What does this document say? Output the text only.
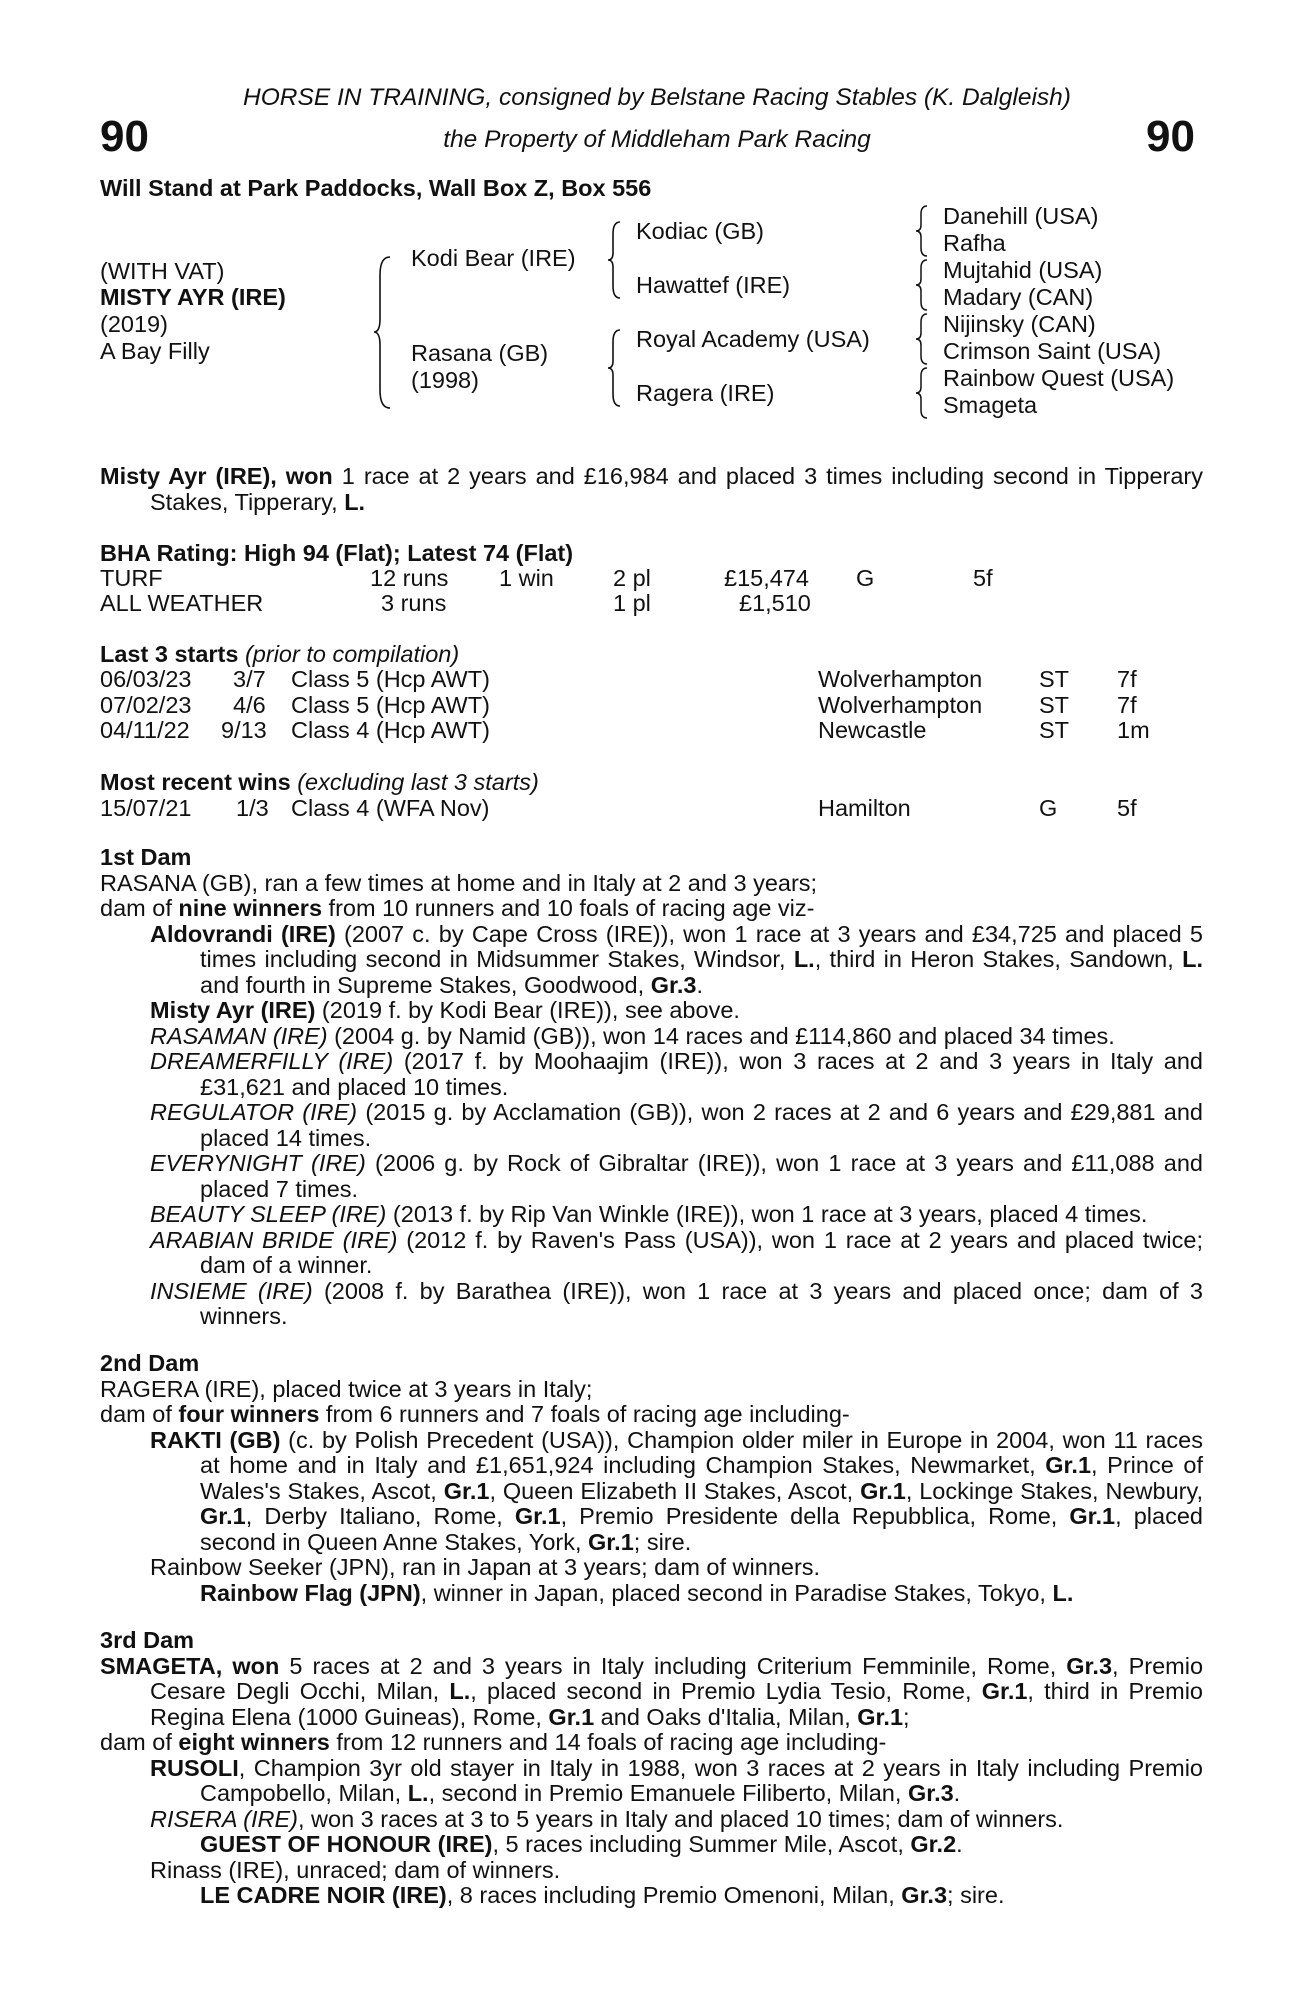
90	90
HORSE IN TRAINING, consigned by Belstane Racing Stables (K. Dalgleish)
the Property of Middleham Park Racing
Will Stand at Park Paddocks, Wall Box Z, Box 556
(WITH VAT)
MISTY AYR (IRE)
(2019)
A Bay Filly
Kodi Bear (IRE)
Rasana (GB)
(1998)
Kodiac (GB)
Hawattef (IRE)
Royal Academy (USA)
Ragera (IRE)
Danehill (USA)
Rafha
Mujtahid (USA)
Madary (CAN)
Nijinsky (CAN)
Crimson Saint (USA)
Rainbow Quest (USA)
Smageta

Misty Ayr (IRE), won 1 race at 2 years and £16,984 and placed 3 times including second in Tipperary Stakes, Tipperary, L.

BHA Rating: High 94 (Flat); Latest 74 (Flat)
TURF	12 runs 1 win	2 pl	£15,474 G	5f
ALL WEATHER	3 runs	1 pl	£1,510
Last 3 starts (prior to compilation)
06/03/23 3/7 Class 5 (Hcp AWT)	Wolverhampton ST 7f
07/02/23 4/6 Class 5 (Hcp AWT)	Wolverhampton ST 7f
04/11/22 9/13 Class 4 (Hcp AWT)	Newcastle	ST 1m
Most recent wins (excluding last 3 starts)
15/07/21 1/3 Class 4 (WFA Nov)	Hamilton	G	5f

1st Dam

RASANA (GB), ran a few times at home and in Italy at 2 and 3 years;

dam of nine winners from 10 runners and 10 foals of racing age viz-

Aldovrandi (IRE) (2007 c. by Cape Cross (IRE)), won 1 race at 3 years and £34,725 and placed 5 times including second in Midsummer Stakes, Windsor, L., third in Heron Stakes, Sandown, L. and fourth in Supreme Stakes, Goodwood, Gr.3.

Misty Ayr (IRE) (2019 f. by Kodi Bear (IRE)), see above.

RASAMAN (IRE) (2004 g. by Namid (GB)), won 14 races and £114,860 and placed 34 times.

DREAMERFILLY (IRE) (2017 f. by Moohaajim (IRE)), won 3 races at 2 and 3 years in Italy and £31,621 and placed 10 times.

REGULATOR (IRE) (2015 g. by Acclamation (GB)), won 2 races at 2 and 6 years and £29,881 and placed 14 times.

EVERYNIGHT (IRE) (2006 g. by Rock of Gibraltar (IRE)), won 1 race at 3 years and £11,088 and placed 7 times.

BEAUTY SLEEP (IRE) (2013 f. by Rip Van Winkle (IRE)), won 1 race at 3 years, placed 4 times.

ARABIAN BRIDE (IRE) (2012 f. by Raven's Pass (USA)), won 1 race at 2 years and placed twice; dam of a winner.

INSIEME (IRE) (2008 f. by Barathea (IRE)), won 1 race at 3 years and placed once; dam of 3 winners.

2nd Dam

RAGERA (IRE), placed twice at 3 years in Italy;

dam of four winners from 6 runners and 7 foals of racing age including-

RAKTI (GB) (c. by Polish Precedent (USA)), Champion older miler in Europe in 2004, won 11 races at home and in Italy and £1,651,924 including Champion Stakes, Newmarket, Gr.1, Prince of Wales's Stakes, Ascot, Gr.1, Queen Elizabeth II Stakes, Ascot, Gr.1, Lockinge Stakes, Newbury, Gr.1, Derby Italiano, Rome, Gr.1, Premio Presidente della Repubblica, Rome, Gr.1, placed second in Queen Anne Stakes, York, Gr.1; sire.

Rainbow Seeker (JPN), ran in Japan at 3 years; dam of winners.

Rainbow Flag (JPN), winner in Japan, placed second in Paradise Stakes, Tokyo, L.

3rd Dam

SMAGETA, won 5 races at 2 and 3 years in Italy including Criterium Femminile, Rome, Gr.3, Premio Cesare Degli Occhi, Milan, L., placed second in Premio Lydia Tesio, Rome, Gr.1, third in Premio Regina Elena (1000 Guineas), Rome, Gr.1 and Oaks d'Italia, Milan, Gr.1;

dam of eight winners from 12 runners and 14 foals of racing age including-

RUSOLI, Champion 3yr old stayer in Italy in 1988, won 3 races at 2 years in Italy including Premio Campobello, Milan, L., second in Premio Emanuele Filiberto, Milan, Gr.3.

RISERA (IRE), won 3 races at 3 to 5 years in Italy and placed 10 times; dam of winners.

GUEST OF HONOUR (IRE), 5 races including Summer Mile, Ascot, Gr.2.

Rinass (IRE), unraced; dam of winners.

LE CADRE NOIR (IRE), 8 races including Premio Omenoni, Milan, Gr.3; sire.
